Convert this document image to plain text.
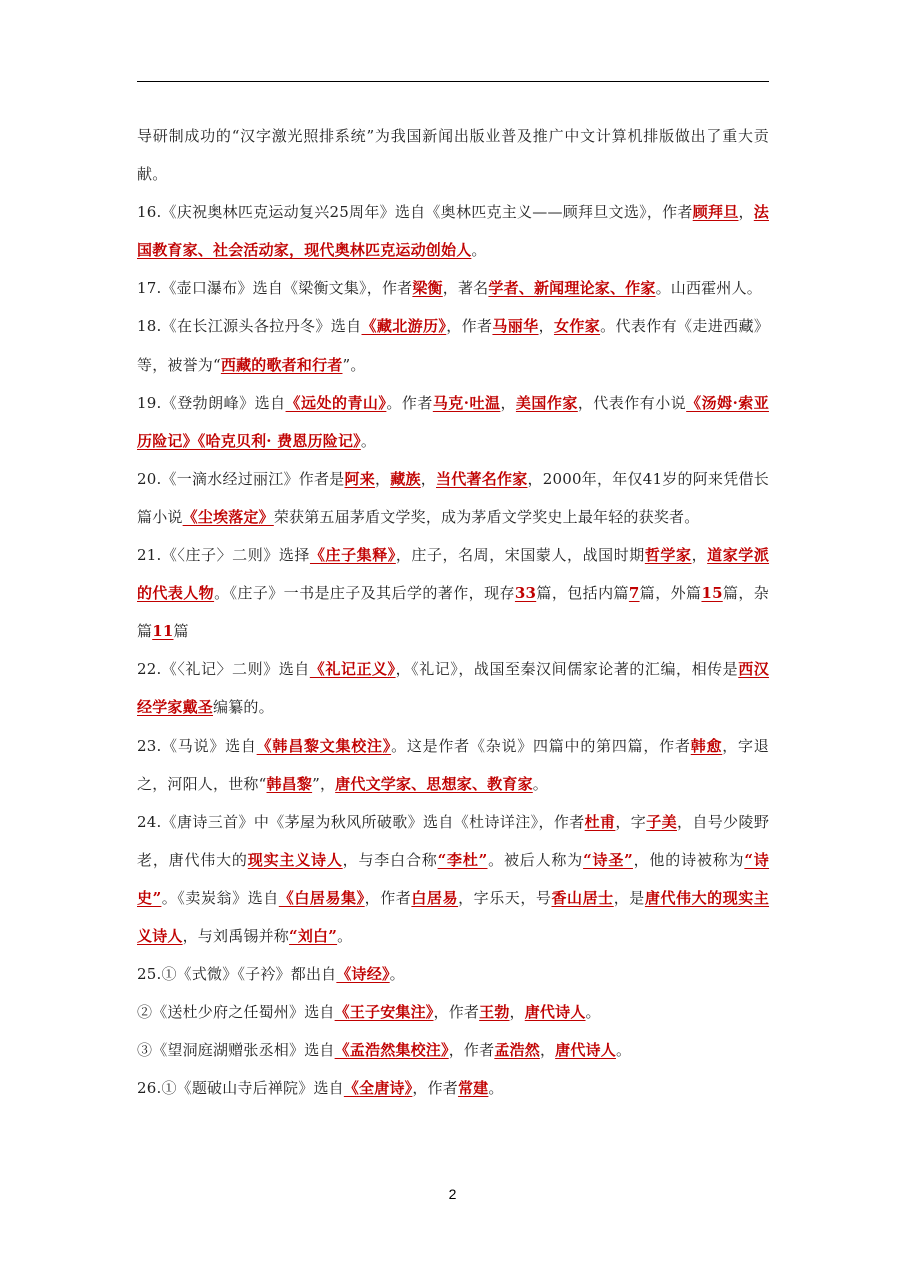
导研制成功的“汉字激光照排系统”为我国新闻出版业普及推广中文计算机排版做出了重大贡献。

16.《庆祝奥林匹克运动复兴25周年》选自《奥林匹克主义——顾拜旦文选》，作者顾拜旦，法国教育家、社会活动家，现代奥林匹克运动创始人。

17.《壶口瀑布》选自《梁衡文集》，作者梁衡，著名学者、新闻理论家、作家。山西霍州人。

18.《在长江源头各拉丹冬》选自《藏北游历》，作者马丽华，女作家。代表作有《走进西藏》等，被誉为“西藏的歌者和行者”。

19.《登勃朗峰》选自《远处的青山》。作者马克·吐温，美国作家，代表作有小说《汤姆·索亚历险记》《哈克贝利· 费恩历险记》。

20.《一滴水经过丽江》作者是阿来，藏族，当代著名作家，2000年，年仅41岁的阿来凭借长篇小说《尘埃落定》荣获第五届茅盾文学奖，成为茅盾文学奖史上最年轻的获奖者。

21.《〈庄子〉二则》选择《庄子集释》，庄子，名周，宋国蒙人，战国时期哲学家，道家学派的代表人物。《庄子》一书是庄子及其后学的著作，现存33篇，包括内篇7篇，外篇15篇，杂篇11篇

22.《〈礼记〉二则》选自《礼记正义》，《礼记》，战国至秦汉间儒家论著的汇编，相传是西汉经学家戴圣编纂的。

23.《马说》选自《韩昌黎文集校注》。这是作者《杂说》四篇中的第四篇，作者韩愈，字退之，河阳人，世称“韩昌黎”，唐代文学家、思想家、教育家。

24.《唐诗三首》中《茅屋为秋风所破歌》选自《杜诗详注》，作者杜甫，字子美，自号少陵野老，唐代伟大的现实主义诗人，与李白合称“李杜”。被后人称为“诗圣”，他的诗被称为“诗史”。《卖炭翁》选自《白居易集》，作者白居易，字乐天，号香山居士，是唐代伟大的现实主义诗人，与刘禹锡并称“刘白”。

25.①《式微》《子衿》都出自《诗经》。

②《送杜少府之任蜀州》选自《王子安集注》，作者王勃，唐代诗人。

③《望洞庭湖赠张丞相》选自《孟浩然集校注》，作者孟浩然，唐代诗人。

26.①《题破山寺后禅院》选自《全唐诗》，作者常建。

2
